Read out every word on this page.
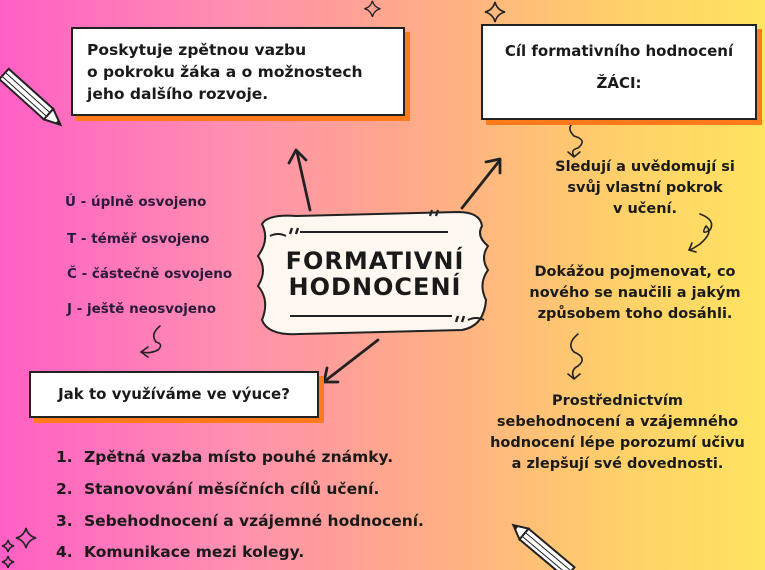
Poskytuje zpětnou vazbu
o pokroku žáka a o možnostech
jeho dalšího rozvoje.
Cíl formativního hodnocení
ŽÁCI:
FORMATIVNÍ
HODNOCENÍ
Ú - úplně osvojeno
T - téměř osvojeno
Č - částečně osvojeno
J - ještě neosvojeno
Jak to využíváme ve výuce?
1. Zpětná vazba místo pouhé známky.
2. Stanovování měsíčních cílů učení.
3. Sebehodnocení a vzájemné hodnocení.
4. Komunikace mezi kolegy.
Sledují a uvědomují si
svůj vlastní pokrok
v učení.
Dokážou pojmenovat, co
nového se naučili a jakým
způsobem toho dosáhli.
Prostřednictvím
sebehodnocení a vzájemného
hodnocení lépe porozumí učivu
a zlepšují své dovednosti.
